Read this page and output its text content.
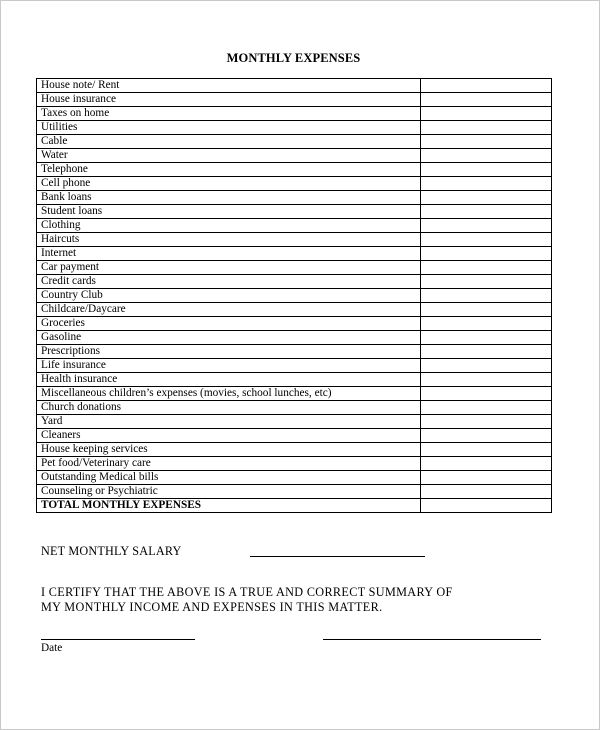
MONTHLY EXPENSES
House note/ Rent	
House insurance	
Taxes on home	
Utilities	
Cable	
Water	
Telephone	
Cell phone	
Bank loans	
Student loans	
Clothing	
Haircuts	
Internet	
Car payment	
Credit cards	
Country Club	
Childcare/Daycare	
Groceries	
Gasoline	
Prescriptions	
Life insurance	
Health insurance	
Miscellaneous children’s expenses (movies, school lunches, etc)	
Church donations	
Yard	
Cleaners	
House keeping services	
Pet food/Veterinary care	
Outstanding Medical bills	
Counseling or Psychiatric	
TOTAL MONTHLY EXPENSES	
NET MONTHLY SALARY
I CERTIFY THAT THE ABOVE IS A TRUE AND CORRECT SUMMARY OF
MY MONTHLY INCOME AND EXPENSES IN THIS MATTER.
Date
